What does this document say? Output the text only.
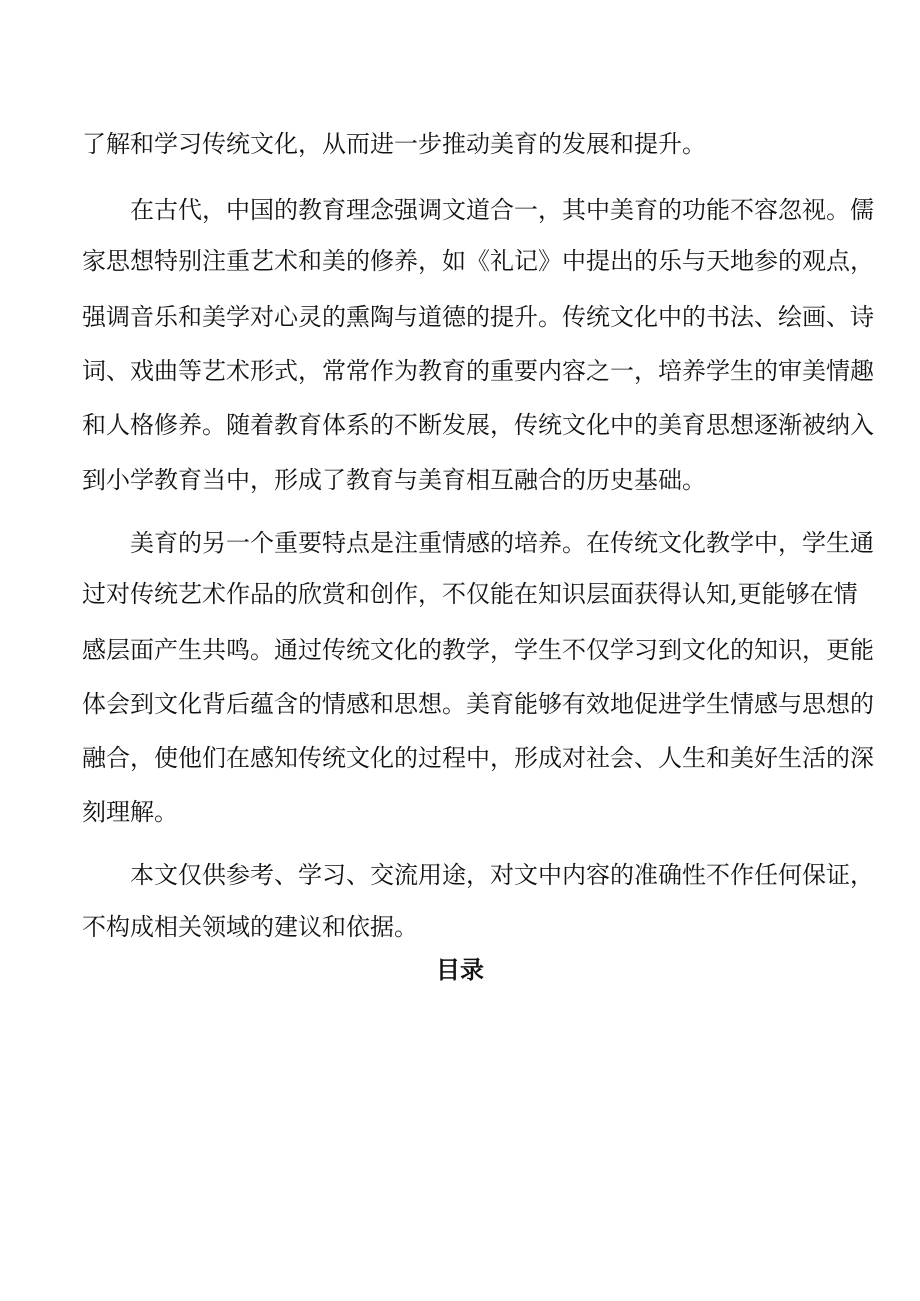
了解和学习传统文化，从而进一步推动美育的发展和提升。

在古代，中国的教育理念强调文道合一，其中美育的功能不容忽视。儒

家思想特别注重艺术和美的修养，如《礼记》中提出的乐与天地参的观点，

强调音乐和美学对心灵的熏陶与道德的提升。传统文化中的书法、绘画、诗

词、戏曲等艺术形式，常常作为教育的重要内容之一，培养学生的审美情趣

和人格修养。随着教育体系的不断发展，传统文化中的美育思想逐渐被纳入

到小学教育当中，形成了教育与美育相互融合的历史基础。

美育的另一个重要特点是注重情感的培养。在传统文化教学中，学生通

过对传统艺术作品的欣赏和创作，不仅能在知识层面获得认知,更能够在情

感层面产生共鸣。通过传统文化的教学，学生不仅学习到文化的知识，更能

体会到文化背后蕴含的情感和思想。美育能够有效地促进学生情感与思想的

融合，使他们在感知传统文化的过程中，形成对社会、人生和美好生活的深

刻理解。

本文仅供参考、学习、交流用途，对文中内容的准确性不作任何保证，

不构成相关领域的建议和依据。

目录
